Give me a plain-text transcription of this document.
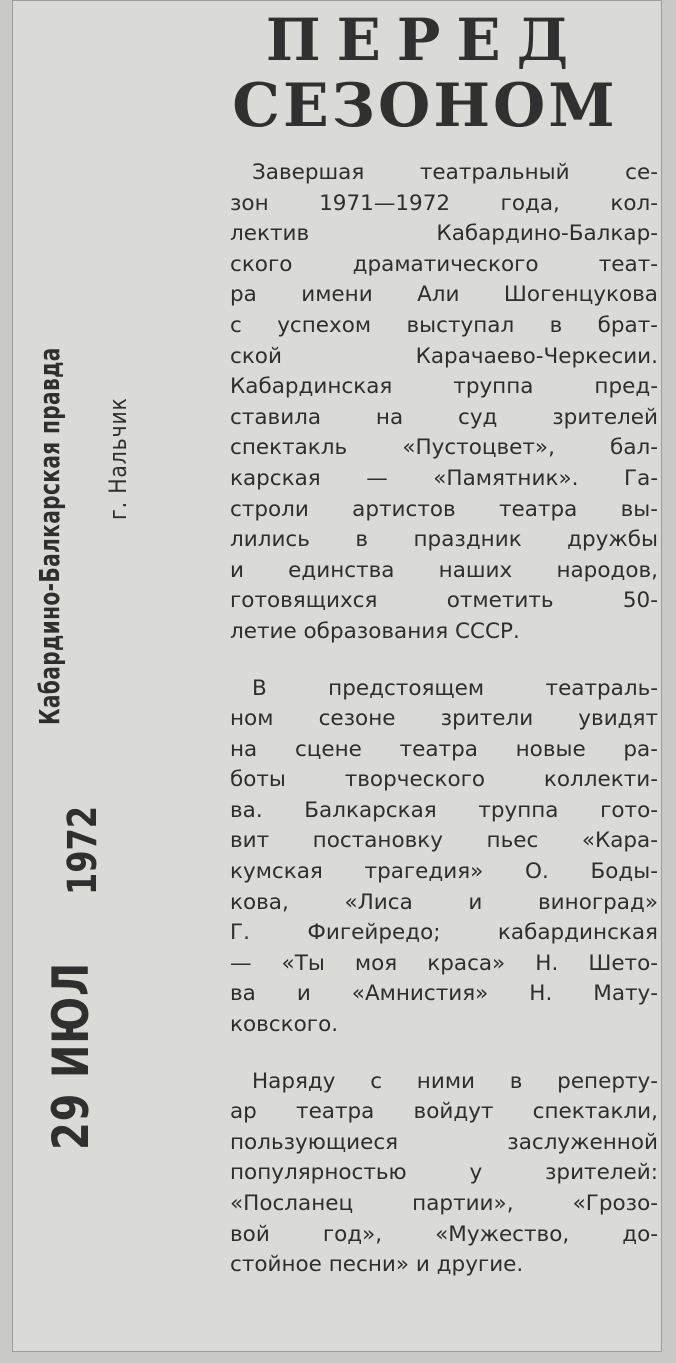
Кабардино-Балкарская правда г. Нальчик
29 ИЮЛ
1972
ПЕРЕД
СЕЗОНОМ
Завершая театральный се-
зон 1971—1972 года, кол-
лектив Кабардино-Балкар-
ского драматического теат-
ра имени Али Шогенцукова
с успехом выступал в брат-
ской Карачаево-Черкесии.
Кабардинская труппа пред-
ставила на суд зрителей
спектакль «Пустоцвет», бал-
карская — «Памятник». Га-
строли артистов театра вы-
лились в праздник дружбы
и единства наших народов,
готовящихся отметить 50-
летие образования СССР.
В предстоящем театраль-
ном сезоне зрители увидят
на сцене театра новые ра-
боты творческого коллекти-
ва. Балкарская труппа гото-
вит постановку пьес «Кара-
кумская трагедия» О. Боды-
кова, «Лиса и виноград»
Г. Фигейредо; кабардинская
— «Ты моя краса» Н. Шето-
ва и «Амнистия» Н. Мату-
ковского.
Наряду с ними в реперту-
ар театра войдут спектакли,
пользующиеся заслуженной
популярностью у зрителей:
«Посланец партии», «Грозо-
вой год», «Мужество, до-
стойное песни» и другие.
